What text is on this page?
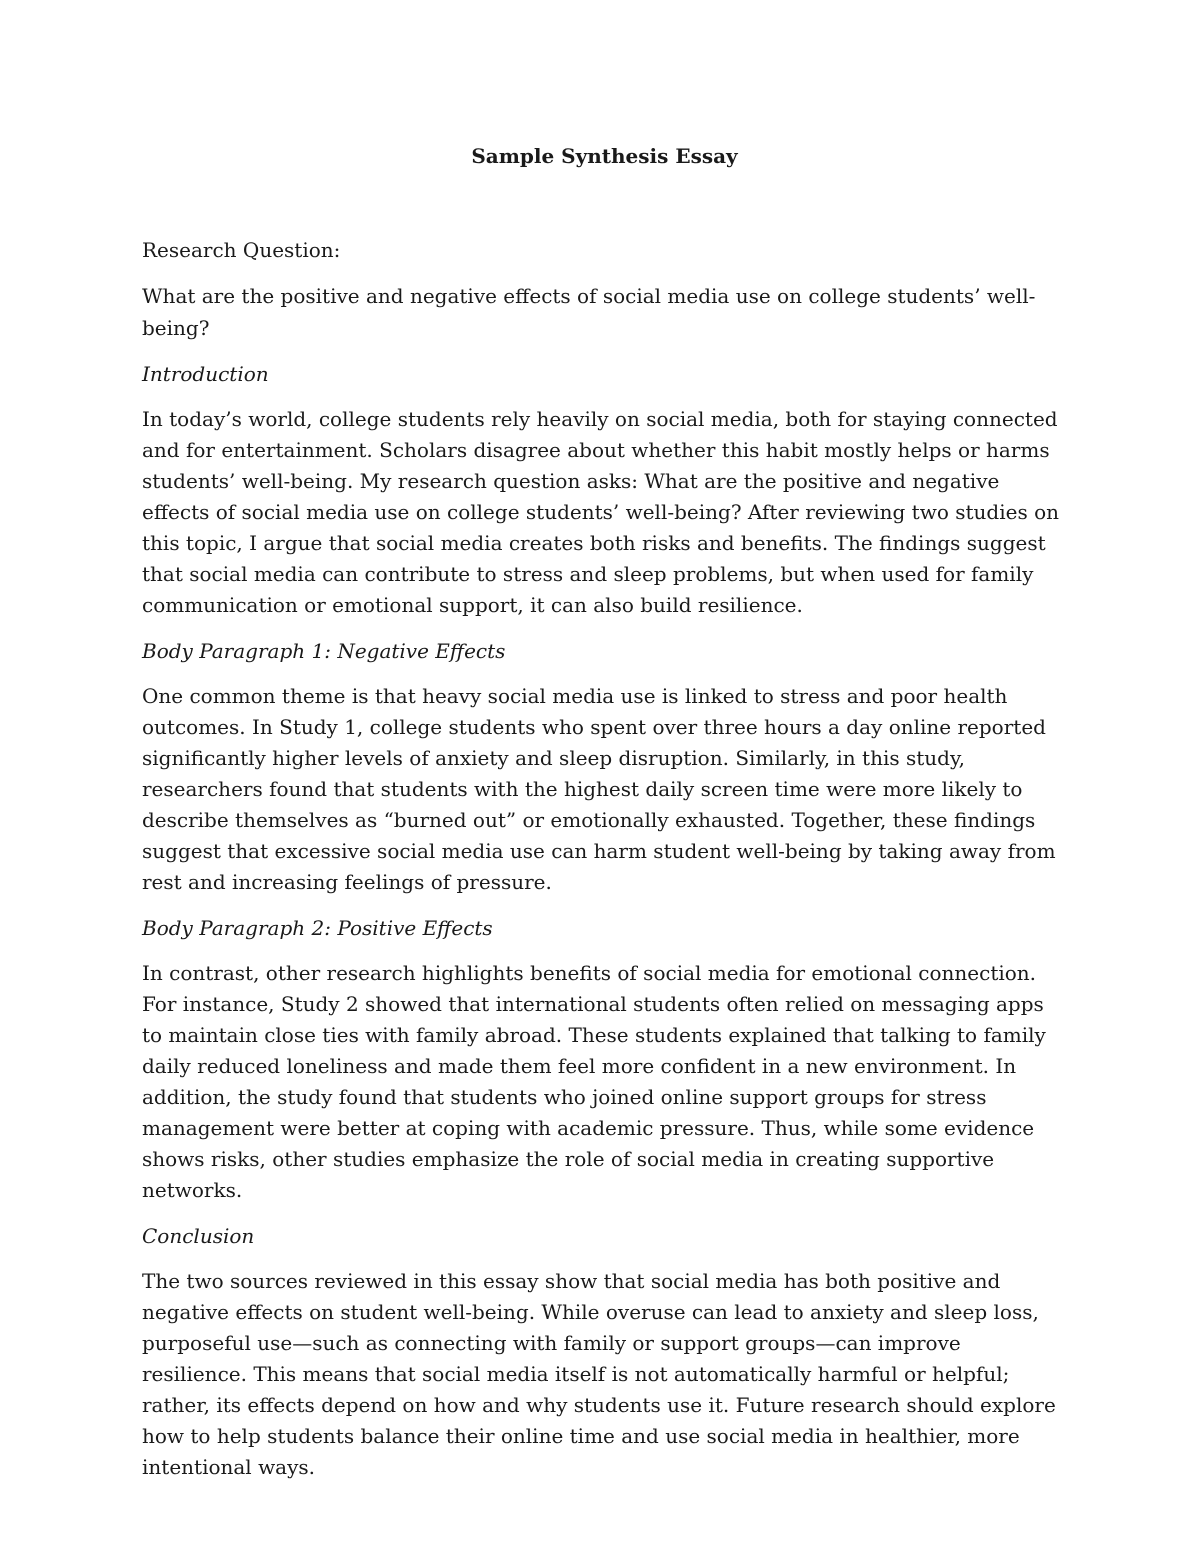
Sample Synthesis Essay
Research Question:
What are the positive and negative effects of social media use on college students’ well-being?
Introduction

In today’s world, college students rely heavily on social media, both for staying connected and for entertainment. Scholars disagree about whether this habit mostly helps or harms students’ well-being. My research question asks: What are the positive and negative effects of social media use on college students’ well-being? After reviewing two studies on this topic, I argue that social media creates both risks and benefits. The findings suggest that social media can contribute to stress and sleep problems, but when used for family communication or emotional support, it can also build resilience.

Body Paragraph 1: Negative Effects

One common theme is that heavy social media use is linked to stress and poor health outcomes. In Study 1, college students who spent over three hours a day online reported significantly higher levels of anxiety and sleep disruption. Similarly, in this study, researchers found that students with the highest daily screen time were more likely to describe themselves as “burned out” or emotionally exhausted. Together, these findings suggest that excessive social media use can harm student well-being by taking away from rest and increasing feelings of pressure.

Body Paragraph 2: Positive Effects

In contrast, other research highlights benefits of social media for emotional connection. For instance, Study 2 showed that international students often relied on messaging apps to maintain close ties with family abroad. These students explained that talking to family daily reduced loneliness and made them feel more confident in a new environment. In addition, the study found that students who joined online support groups for stress management were better at coping with academic pressure. Thus, while some evidence shows risks, other studies emphasize the role of social media in creating supportive networks.

Conclusion

The two sources reviewed in this essay show that social media has both positive and negative effects on student well-being. While overuse can lead to anxiety and sleep loss, purposeful use—such as connecting with family or support groups—can improve resilience. This means that social media itself is not automatically harmful or helpful; rather, its effects depend on how and why students use it. Future research should explore how to help students balance their online time and use social media in healthier, more intentional ways.
